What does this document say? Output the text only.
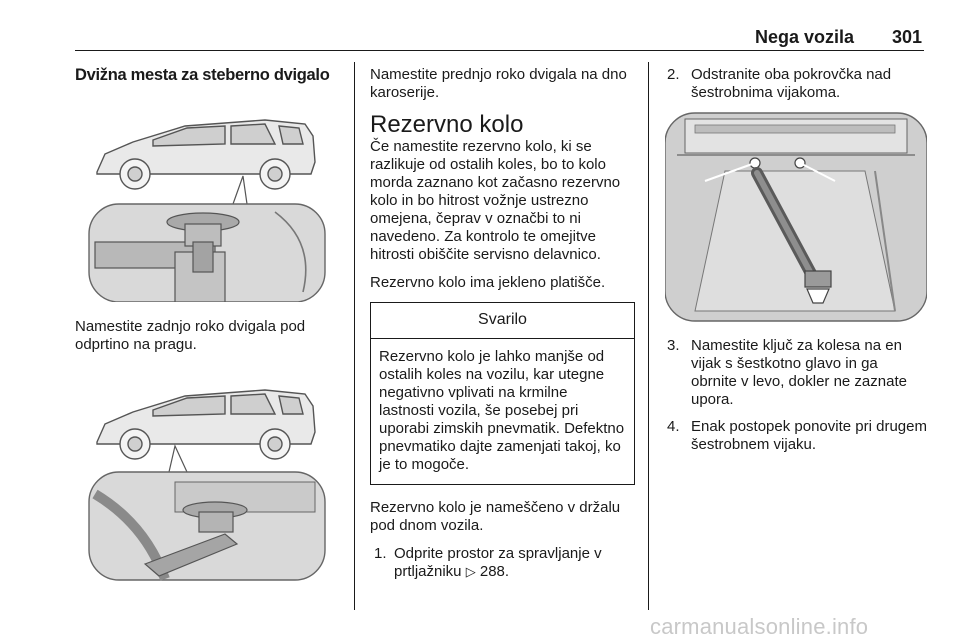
Nega vozila 301
Dvižna mesta za steberno dvigalo

Namestite zadnjo roko dvigala pod odprtino na pragu.

Namestite prednjo roko dvigala na dno karoserije.

Rezervno kolo

Če namestite rezervno kolo, ki se razlikuje od ostalih koles, bo to kolo morda zaznano kot začasno rezervno kolo in bo hitrost vožnje ustrezno omejena, čeprav v označbi to ni navedeno. Za kontrolo te omejitve hitrosti obiščite servisno delavnico.

Rezervno kolo ima jekleno platišče.

Svarilo
Rezervno kolo je lahko manjše od ostalih koles na vozilu, kar utegne negativno vplivati na krmilne lastnosti vozila, še posebej pri uporabi zimskih pnevmatik. Defektno pnevmatiko dajte zamenjati takoj, ko je to mogoče.

Rezervno kolo je nameščeno v držalu pod dnom vozila.

1. Odprite prostor za spravljanje v prtljažniku ▷ 288.
2. Odstranite oba pokrovčka nad šestrobnima vijakoma.
3. Namestite ključ za kolesa na en vijak s šestkotno glavo in ga obrnite v levo, dokler ne zaznate upora.
4. Enak postopek ponovite pri drugem šestrobnem vijaku.
carmanualsonline.info
